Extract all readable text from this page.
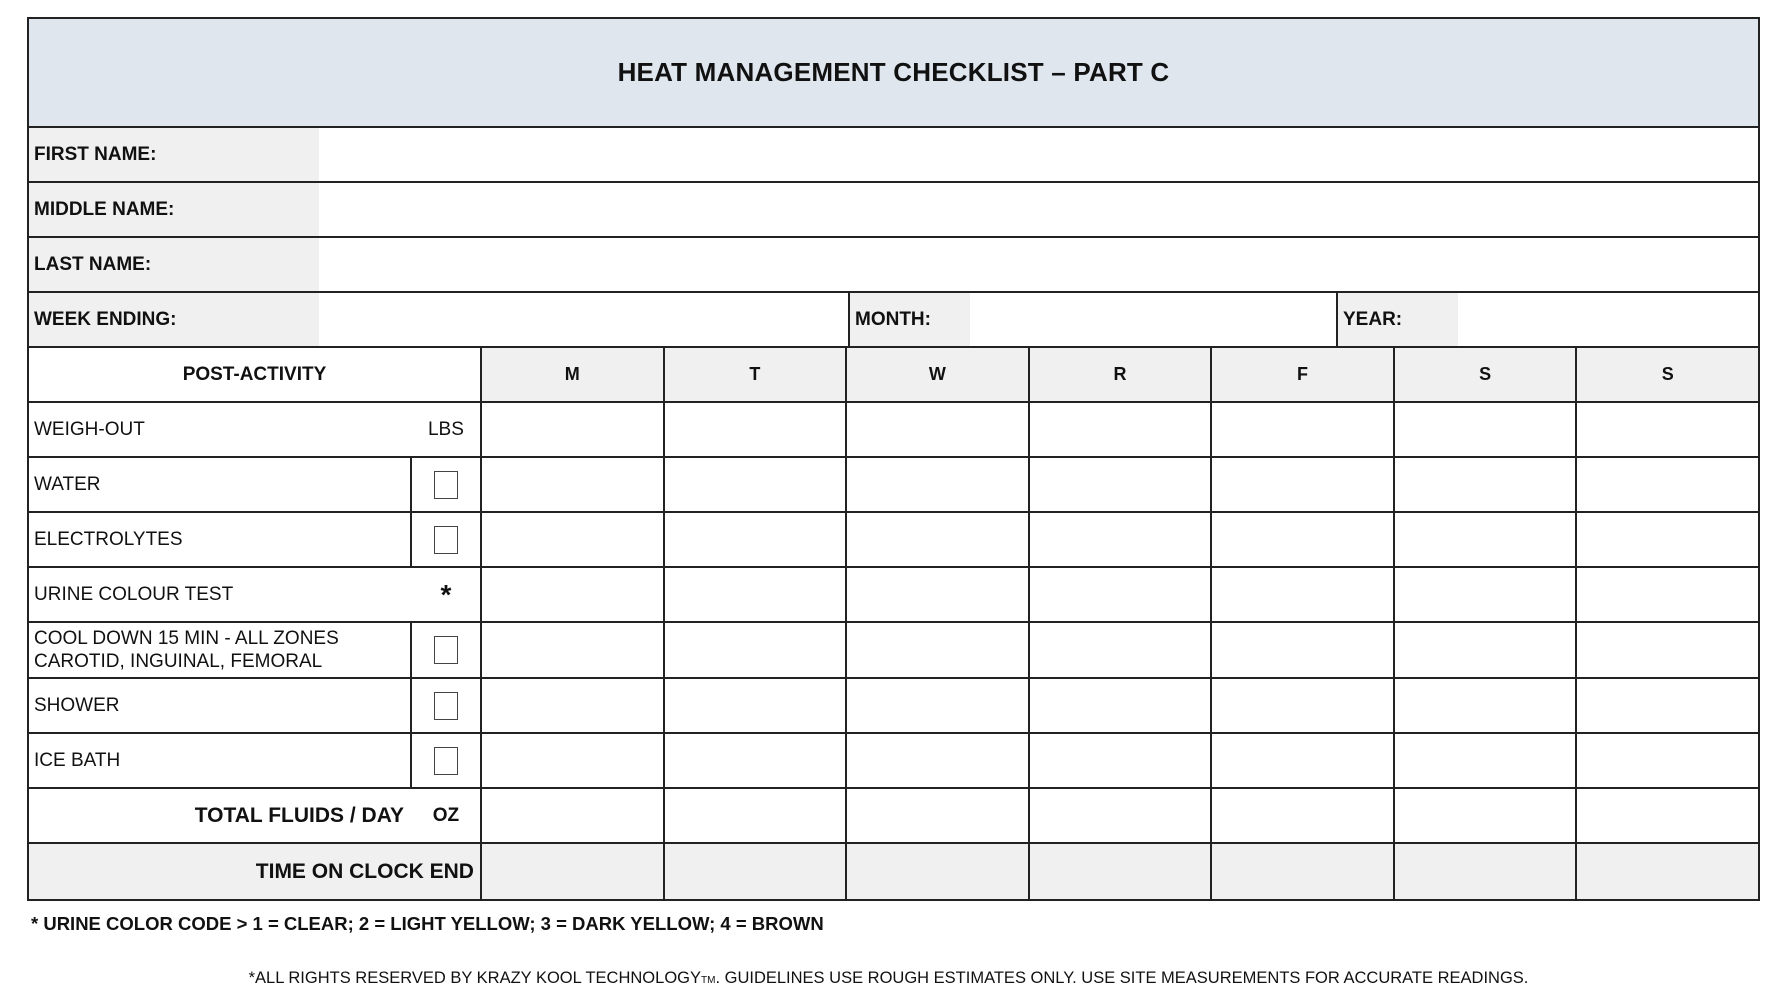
HEAT MANAGEMENT CHECKLIST – PART C
FIRST NAME:
MIDDLE NAME:
LAST NAME:
WEEK ENDING:	MONTH:	YEAR:
POST-ACTIVITY	M	T	W	R	F	S	S
WEIGH-OUT	LBS
WATER
ELECTROLYTES
URINE COLOUR TEST	*
COOL DOWN 15 MIN - ALL ZONES
CAROTID, INGUINAL, FEMORAL
SHOWER
ICE BATH
TOTAL FLUIDS / DAY	OZ
TIME ON CLOCK END
* URINE COLOR CODE > 1 = CLEAR; 2 = LIGHT YELLOW; 3 = DARK YELLOW; 4 = BROWN
*ALL RIGHTS RESERVED BY KRAZY KOOL TECHNOLOGYTM. GUIDELINES USE ROUGH ESTIMATES ONLY. USE SITE MEASUREMENTS FOR ACCURATE READINGS.
